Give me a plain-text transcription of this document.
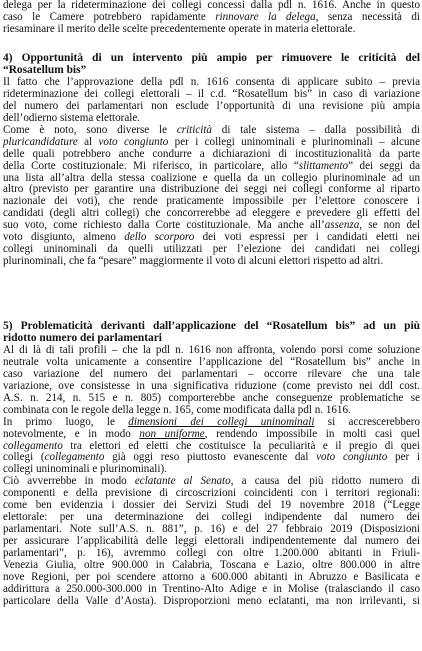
delega per la rideterminazione dei collegi concessi dalla pdl n. 1616. Anche in questo
caso le Camere potrebbero rapidamente rinnovare la delega, senza necessità di
riesaminare il merito delle scelte precedentemente operate in materia elettorale.
4) Opportunità di un intervento più ampio per rimuovere le criticità del
“Rosatellum bis”
Il fatto che l’approvazione della pdl n. 1616 consenta di applicare subito – previa
rideterminazione dei collegi elettorali – il c.d. “Rosatellum bis” in caso di variazione
del numero dei parlamentari non esclude l’opportunità di una revisione più ampia
dell’odierno sistema elettorale.
Come è noto, sono diverse le criticità di tale sistema – dalla possibilità di
pluricandidature al voto congiunto per i collegi uninominali e plurinominali – alcune
delle quali potrebbero anche condurre a dichiarazioni di incostituzionalità da parte
della Corte costituzionale. Mi riferisco, in particolare, allo “slittamento” dei seggi da
una lista all’altra della stessa coalizione e quella da un collegio plurinominale ad un
altro (previsto per garantire una distribuzione dei seggi nei collegi conforme al riparto
nazionale dei voti), che rende praticamente impossibile per l’elettore conoscere i
candidati (degli altri collegi) che concorrerebbe ad eleggere e prevedere gli effetti del
suo voto, come richiesto dalla Corte costituzionale. Ma anche all’assenza, se non del
voto disgiunto, almeno dello scorporo dei voti espressi per i candidati eletti nei
collegi uninominali da quelli utilizzati per l’elezione dei candidati nei collegi
plurinominali, che fa “pesare” maggiormente il voto di alcuni elettori rispetto ad altri.
5) Problematicità derivanti dall’applicazione del “Rosatellum bis” ad un più
ridotto numero dei parlamentari
Al di là di tali profili – che la pdl n. 1616 non affronta, volendo porsi come soluzione
neutrale volta unicamente a consentire l’applicazione del “Rosatellum bis” anche in
caso variazione del numero dei parlamentari – occorre rilevare che una tale
variazione, ove consistesse in una significativa riduzione (come previsto nei ddl cost.
A.S. n. 214, n. 515 e n. 805) comporterebbe anche conseguenze problematiche se
combinata con le regole della legge n. 165, come modificata dalla pdl n. 1616.
In primo luogo, le dimensioni dei collegi uninominali si accrescerebbero
notevolmente, e in modo non uniforme, rendendo impossibile in molti casi quel
collegamento tra elettori ed eletti che costituisce la peculiarità e il pregio di quei
collegi (collegamento già oggi reso piuttosto evanescente dal voto congiunto per i
collegi uninominali e plurinominali).
Ciò avverrebbe in modo eclatante al Senato, a causa del più ridotto numero di
componenti e della previsione di circoscrizioni coincidenti con i territori regionali:
come ben evidenzia i dossier dei Servizi Studi del 19 novembre 2018 (“Legge
elettorale: per una determinazione dei collegi indipendente dal numero dei
parlamentari. Note sull’A.S. n. 881”, p. 16) e del 27 febbraio 2019 (Disposizioni
per assicurare l’applicabilità delle leggi elettorali indipendentemente dal numero dei
parlamentari”, p. 16), avremmo collegi con oltre 1.200.000 abitanti in Friuli-
Venezia Giulia, oltre 900.000 in Calabria, Toscana e Lazio, oltre 800.000 in altre
nove Regioni, per poi scendere attorno a 600.000 abitanti in Abruzzo e Basilicata e
addirittura a 250.000-300.000 in Trentino-Alto Adige e in Molise (tralasciando il caso
particolare della Valle d’Aosta). Disproporzioni meno eclatanti, ma non irrilevanti, si
